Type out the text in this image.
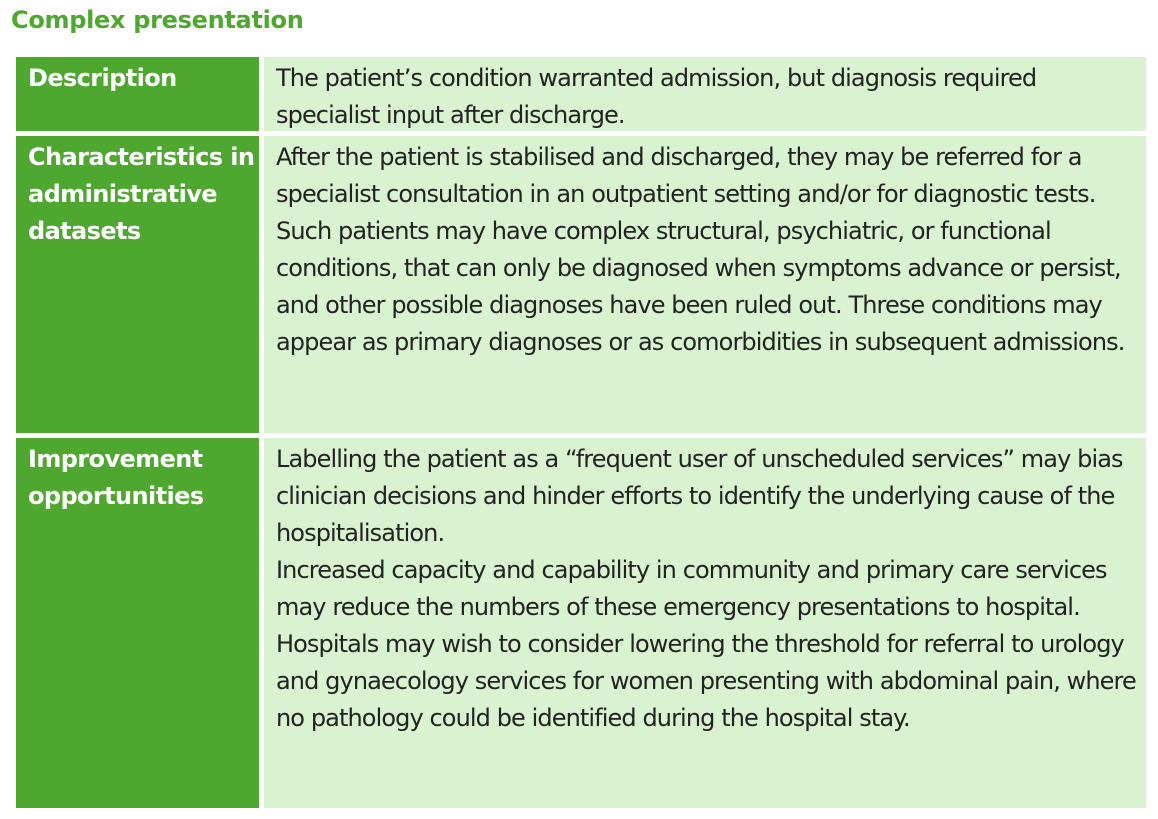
Complex presentation
Description	The patient’s condition warranted admission, but diagnosis required specialist input after discharge.

Characteristics in administrative datasets

After the patient is stabilised and discharged, they may be referred for a specialist consultation in an outpatient setting and/or for diagnostic tests.

Such patients may have complex structural, psychiatric, or functional conditions, that can only be diagnosed when symptoms advance or persist, and other possible diagnoses have been ruled out. Threse conditions may appear as primary diagnoses or as comorbidities in subsequent admissions.

Improvement opportunities

Labelling the patient as a “frequent user of unscheduled services” may bias clinician decisions and hinder efforts to identify the underlying cause of the hospitalisation.

Increased capacity and capability in community and primary care services may reduce the numbers of these emergency presentations to hospital.

Hospitals may wish to consider lowering the threshold for referral to urology and gynaecology services for women presenting with abdominal pain, where no pathology could be identified during the hospital stay.
